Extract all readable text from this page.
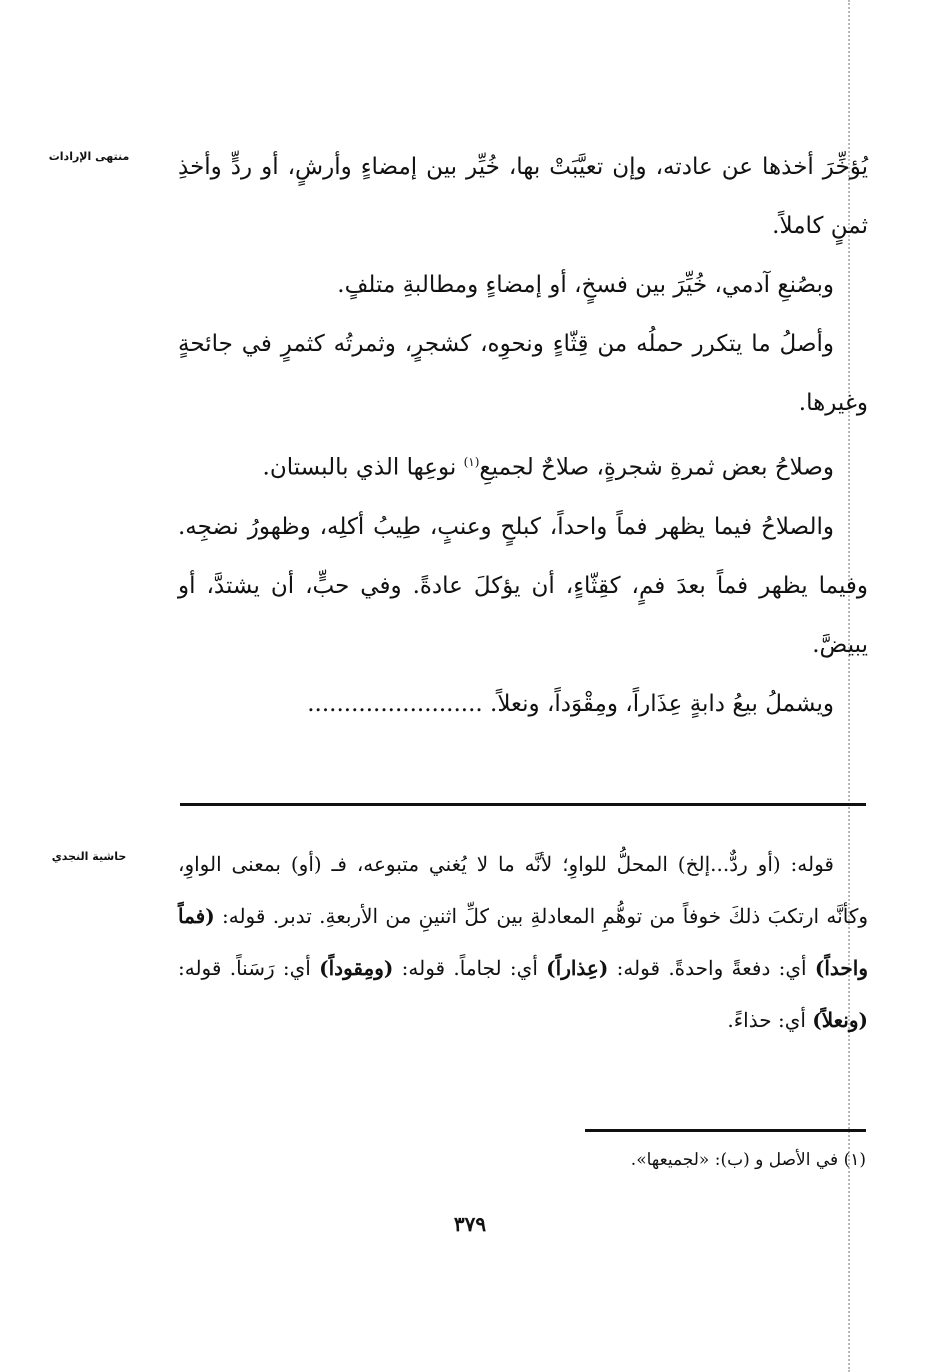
منتهى الإرادات	يُؤخِّرَ أخذها عن عادته، وإن تعيَّبَتْ بها، خُيِّر بين إمضاءٍ وأرشٍ، أو ردٍّ وأخذِ ثمنٍ كاملاً.

وبصُنعِ آدمي، خُيِّرَ بين فسخٍ، أو إمضاءٍ ومطالبةِ متلفٍ.

وأصلُ ما يتكرر حملُه من قِثّاءٍ ونحوِه، كشجرٍ، وثمرتُه كثمرٍ في جائحةٍ وغيرها.

وصلاحُ بعض ثمرةِ شجرةٍ، صلاحٌ لجميعِ$^{(١)}$ نوعِها الذي بالبستان.

والصلاحُ فيما يظهر فماً واحداً، كبلحٍ وعنبٍ، طِيبُ أكلِه، وظهورُ نضجِه. وفيما يظهر فماً بعدَ فمٍ، كقِثّاءٍ، أن يؤكلَ عادةً. وفي حبٍّ، أن يشتدَّ، أو يبيضَّ.

ويشملُ بيعُ دابةٍ عِذَاراً، ومِقْوَداً، ونعلاً. ........................

حاشية النجدي	قوله: (أو ردٌّ...إلخ) المحلُّ للواوِ؛ لأنَّه ما لا يُغني متبوعه، فـ (أو) بمعنى الواوِ، وكأنَّه ارتكبَ ذلكَ خوفاً من توهُّمِ المعادلةِ بين كلِّ اثنينِ من الأربعةِ. تدبر. قوله: (فماً واحداً) أي: دفعةً واحدةً. قوله: (عِذاراً) أي: لجاماً. قوله: (ومِقوداً) أي: رَسَناً. قوله: (ونعلاً) أي: حذاءً.
(١) في الأصل و (ب): «لجميعها».
٣٧٩
